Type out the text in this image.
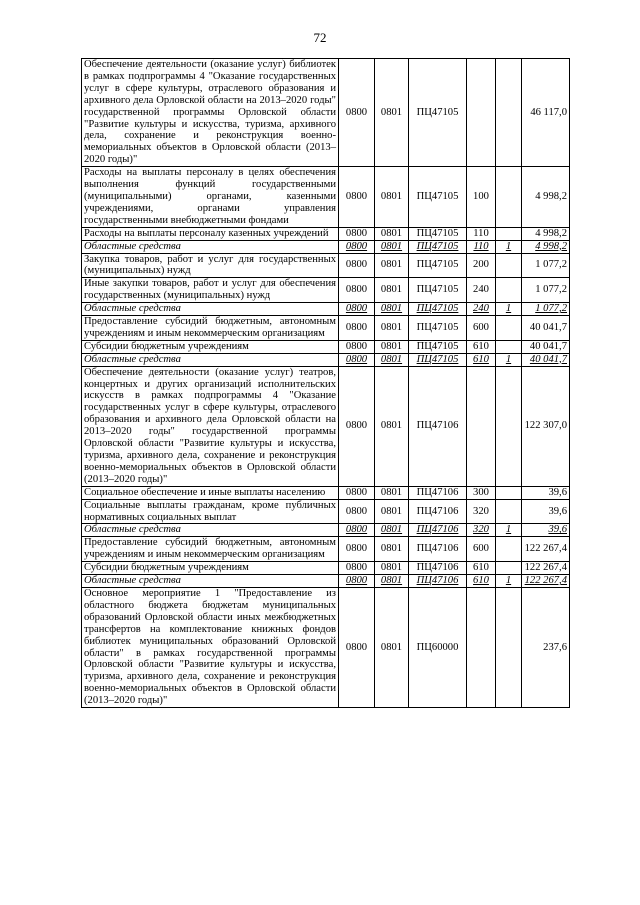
72
Обеспечение деятельности (оказание услуг) библиотек в рамках подпрограммы 4 "Оказание государственных услуг в сфере культуры, отраслевого образования и архивного дела Орловской области на 2013–2020 годы" государственной программы Орловской области "Развитие культуры и искусства, туризма, архивного дела, сохранение и реконструкция военно-мемориальных объектов в Орловской области (2013–2020 годы)"	0800	0801	ПЦ47105			46 117,0
Расходы на выплаты персоналу в целях обеспечения выполнения функций государственными (муниципальными) органами, казенными учреждениями, органами управления государственными внебюджетными фондами	0800	0801	ПЦ47105	100		4 998,2
Расходы на выплаты персоналу казенных учреждений	0800	0801	ПЦ47105	110		4 998,2
Областные средства	0800	0801	ПЦ47105	110	1	4 998,2
Закупка товаров, работ и услуг для государственных (муниципальных) нужд	0800	0801	ПЦ47105	200		1 077,2
Иные закупки товаров, работ и услуг для обеспечения государственных (муниципальных) нужд	0800	0801	ПЦ47105	240		1 077,2
Областные средства	0800	0801	ПЦ47105	240	1	1 077,2
Предоставление субсидий бюджетным, автономным учреждениям и иным некоммерческим организациям	0800	0801	ПЦ47105	600		40 041,7
Субсидии бюджетным учреждениям	0800	0801	ПЦ47105	610		40 041,7
Областные средства	0800	0801	ПЦ47105	610	1	40 041,7
Обеспечение деятельности (оказание услуг) театров, концертных и других организаций исполнительских искусств в рамках подпрограммы 4 "Оказание государственных услуг в сфере культуры, отраслевого образования и архивного дела Орловской области на 2013–2020 годы" государственной программы Орловской области "Развитие культуры и искусства, туризма, архивного дела, сохранение и реконструкция военно-мемориальных объектов в Орловской области (2013–2020 годы)"	0800	0801	ПЦ47106			122 307,0
Социальное обеспечение и иные выплаты населению	0800	0801	ПЦ47106	300		39,6
Социальные выплаты гражданам, кроме публичных нормативных социальных выплат	0800	0801	ПЦ47106	320		39,6
Областные средства	0800	0801	ПЦ47106	320	1	39,6
Предоставление субсидий бюджетным, автономным учреждениям и иным некоммерческим организациям	0800	0801	ПЦ47106	600		122 267,4
Субсидии бюджетным учреждениям	0800	0801	ПЦ47106	610		122 267,4
Областные средства	0800	0801	ПЦ47106	610	1	122 267,4
Основное мероприятие 1 "Предоставление из областного бюджета бюджетам муниципальных образований Орловской области иных межбюджетных трансфертов на комплектование книжных фондов библиотек муниципальных образований Орловской области" в рамках государственной программы Орловской области "Развитие культуры и искусства, туризма, архивного дела, сохранение и реконструкция военно-мемориальных объектов в Орловской области (2013–2020 годы)"	0800	0801	ПЦ60000			237,6
